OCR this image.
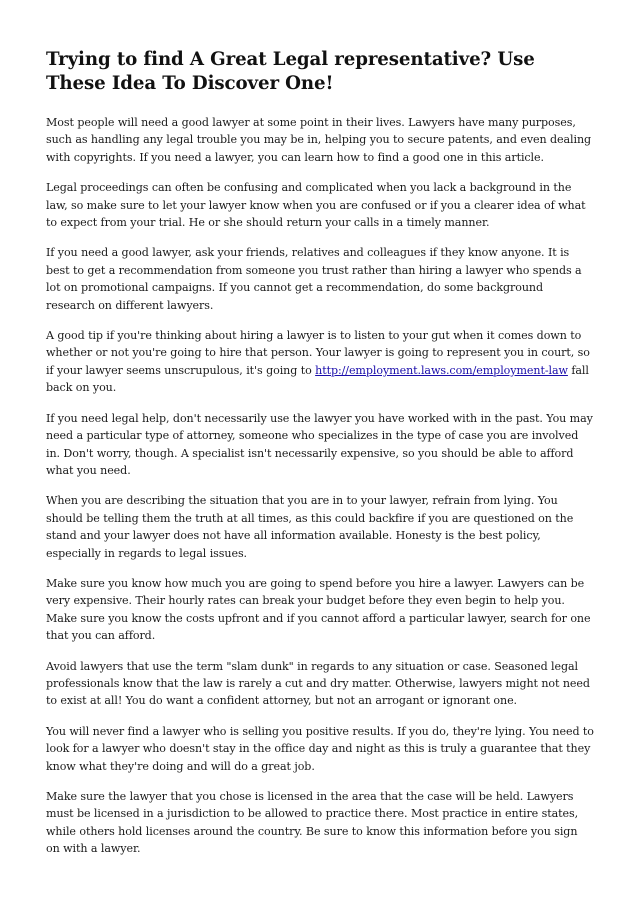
Trying to find A Great Legal representative? Use These Idea To Discover One!

Most people will need a good lawyer at some point in their lives. Lawyers have many purposes, such as handling any legal trouble you may be in, helping you to secure patents, and even dealing with copyrights. If you need a lawyer, you can learn how to find a good one in this article.

Legal proceedings can often be confusing and complicated when you lack a background in the law, so make sure to let your lawyer know when you are confused or if you a clearer idea of what to expect from your trial. He or she should return your calls in a timely manner.

If you need a good lawyer, ask your friends, relatives and colleagues if they know anyone. It is best to get a recommendation from someone you trust rather than hiring a lawyer who spends a lot on promotional campaigns. If you cannot get a recommendation, do some background research on different lawyers.

A good tip if you're thinking about hiring a lawyer is to listen to your gut when it comes down to whether or not you're going to hire that person. Your lawyer is going to represent you in court, so if your lawyer seems unscrupulous, it's going to http://employment.laws.com/employment-law fall back on you.

If you need legal help, don't necessarily use the lawyer you have worked with in the past. You may need a particular type of attorney, someone who specializes in the type of case you are involved in. Don't worry, though. A specialist isn't necessarily expensive, so you should be able to afford what you need.

When you are describing the situation that you are in to your lawyer, refrain from lying. You should be telling them the truth at all times, as this could backfire if you are questioned on the stand and your lawyer does not have all information available. Honesty is the best policy, especially in regards to legal issues.

Make sure you know how much you are going to spend before you hire a lawyer. Lawyers can be very expensive. Their hourly rates can break your budget before they even begin to help you. Make sure you know the costs upfront and if you cannot afford a particular lawyer, search for one that you can afford.

Avoid lawyers that use the term "slam dunk" in regards to any situation or case. Seasoned legal professionals know that the law is rarely a cut and dry matter. Otherwise, lawyers might not need to exist at all! You do want a confident attorney, but not an arrogant or ignorant one.

You will never find a lawyer who is selling you positive results. If you do, they're lying. You need to look for a lawyer who doesn't stay in the office day and night as this is truly a guarantee that they know what they're doing and will do a great job.

Make sure the lawyer that you chose is licensed in the area that the case will be held. Lawyers must be licensed in a jurisdiction to be allowed to practice there. Most practice in entire states, while others hold licenses around the country. Be sure to know this information before you sign on with a lawyer.
